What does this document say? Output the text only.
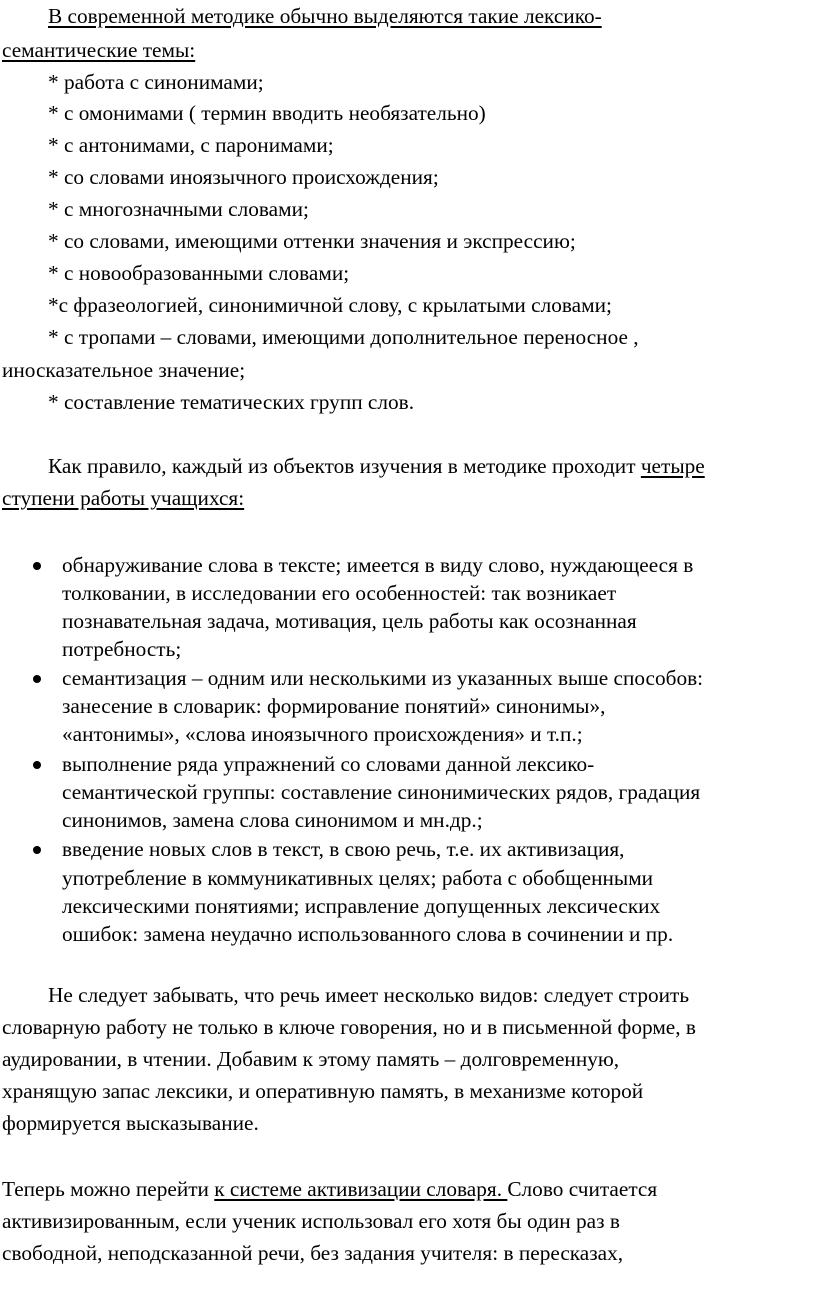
В современной методике обычно выделяются такие лексико-
семантические темы:
* работа с синонимами;
* с омонимами ( термин вводить необязательно)
* с антонимами, с паронимами;
* со словами иноязычного происхождения;
* с многозначными словами;
* со словами, имеющими оттенки значения и экспрессию;
* с новообразованными словами;
*с фразеологией, синонимичной слову, с крылатыми словами;
* с тропами – словами, имеющими дополнительное переносное ,
иносказательное значение;
* составление тематических групп слов.
Как правило, каждый из объектов изучения в методике проходит четыре
ступени работы учащихся:
обнаруживание слова в тексте; имеется в виду слово, нуждающееся в
толковании, в исследовании его особенностей: так возникает
познавательная задача, мотивация, цель работы как осознанная
потребность;
семантизация – одним или несколькими из указанных выше способов:
занесение в словарик: формирование понятий» синонимы»,
«антонимы», «слова иноязычного происхождения» и т.п.;
выполнение ряда упражнений со словами данной лексико-
семантической группы: составление синонимических рядов, градация
синонимов, замена слова синонимом и мн.др.;
введение новых слов в текст, в свою речь, т.е. их активизация,
употребление в коммуникативных целях; работа с обобщенными
лексическими понятиями; исправление допущенных лексических
ошибок: замена неудачно использованного слова в сочинении и пр.
Не следует забывать, что речь имеет несколько видов: следует строить
словарную работу не только в ключе говорения, но и в письменной форме, в
аудировании, в чтении. Добавим к этому память – долговременную,
хранящую запас лексики, и оперативную память, в механизме которой
формируется высказывание.
Теперь можно перейти к системе активизации словаря. Слово считается
активизированным, если ученик использовал его хотя бы один раз в
свободной, неподсказанной речи, без задания учителя: в пересказах,
